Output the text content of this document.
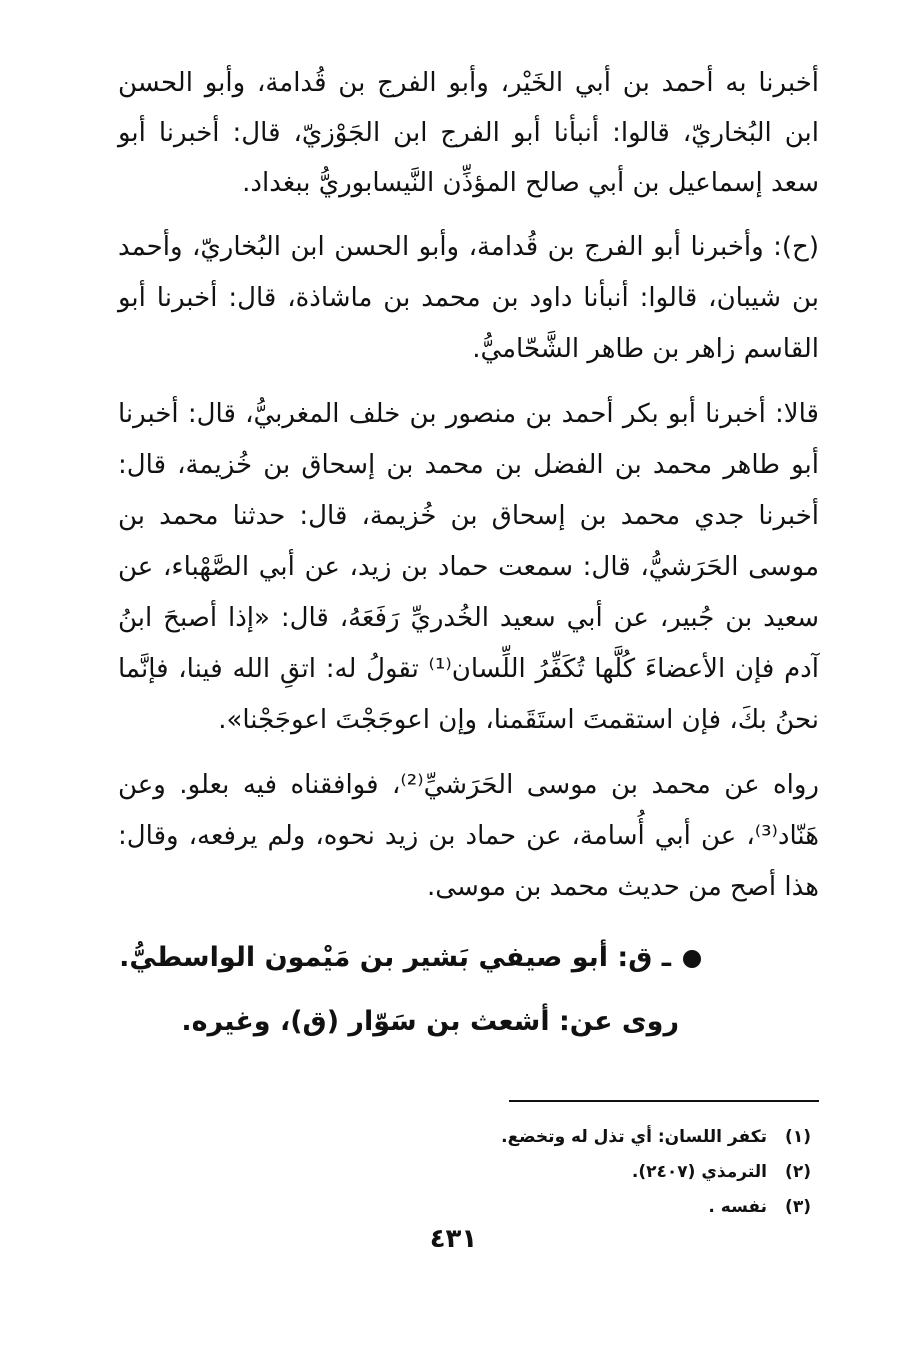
أخبرنا به أحمد بن أبي الخَيْر، وأبو الفرج بن قُدامة، وأبو الحسن ابن البُخاريّ، قالوا: أنبأنا أبو الفرج ابن الجَوْزيّ، قال: أخبرنا أبو سعد إسماعيل بن أبي صالح المؤذِّن النَّيسابوريُّ ببغداد.

(ح): وأخبرنا أبو الفرج بن قُدامة، وأبو الحسن ابن البُخاريّ، وأحمد بن شيبان، قالوا: أنبأنا داود بن محمد بن ماشاذة، قال: أخبرنا أبو القاسم زاهر بن طاهر الشَّحّاميُّ.

قالا: أخبرنا أبو بكر أحمد بن منصور بن خلف المغربيُّ، قال: أخبرنا أبو طاهر محمد بن الفضل بن محمد بن إسحاق بن خُزيمة، قال: أخبرنا جدي محمد بن إسحاق بن خُزيمة، قال: حدثنا محمد بن موسى الحَرَشيُّ، قال: سمعت حماد بن زيد، عن أبي الصَّهْباء، عن سعيد بن جُبير، عن أبي سعيد الخُدريِّ رَفَعَهُ، قال: «إذا أصبحَ ابنُ آدم فإن الأعضاءَ كُلَّها تُكَفِّرُ اللِّسان⁽¹⁾ تقولُ له: اتقِ الله فينا، فإنَّما نحنُ بكَ، فإن استقمتَ استَقَمنا، وإن اعوجَجْتَ اعوجَجْنا».

رواه عن محمد بن موسى الحَرَشيِّ⁽²⁾، فوافقناه فيه بعلو. وعن هَنّاد⁽³⁾، عن أبي أُسامة، عن حماد بن زيد نحوه، ولم يرفعه، وقال: هذا أصح من حديث محمد بن موسى.

ـ ق: أبو صيفي بَشير بن مَيْمون الواسطيُّ.

روى عن: أشعث بن سَوّار (ق)، وغيره.

(١)تكفر اللسان: أي تذل له وتخضع.

(٢)الترمذي (٢٤٠٧).

(٣)نفسه .

٤٣١
